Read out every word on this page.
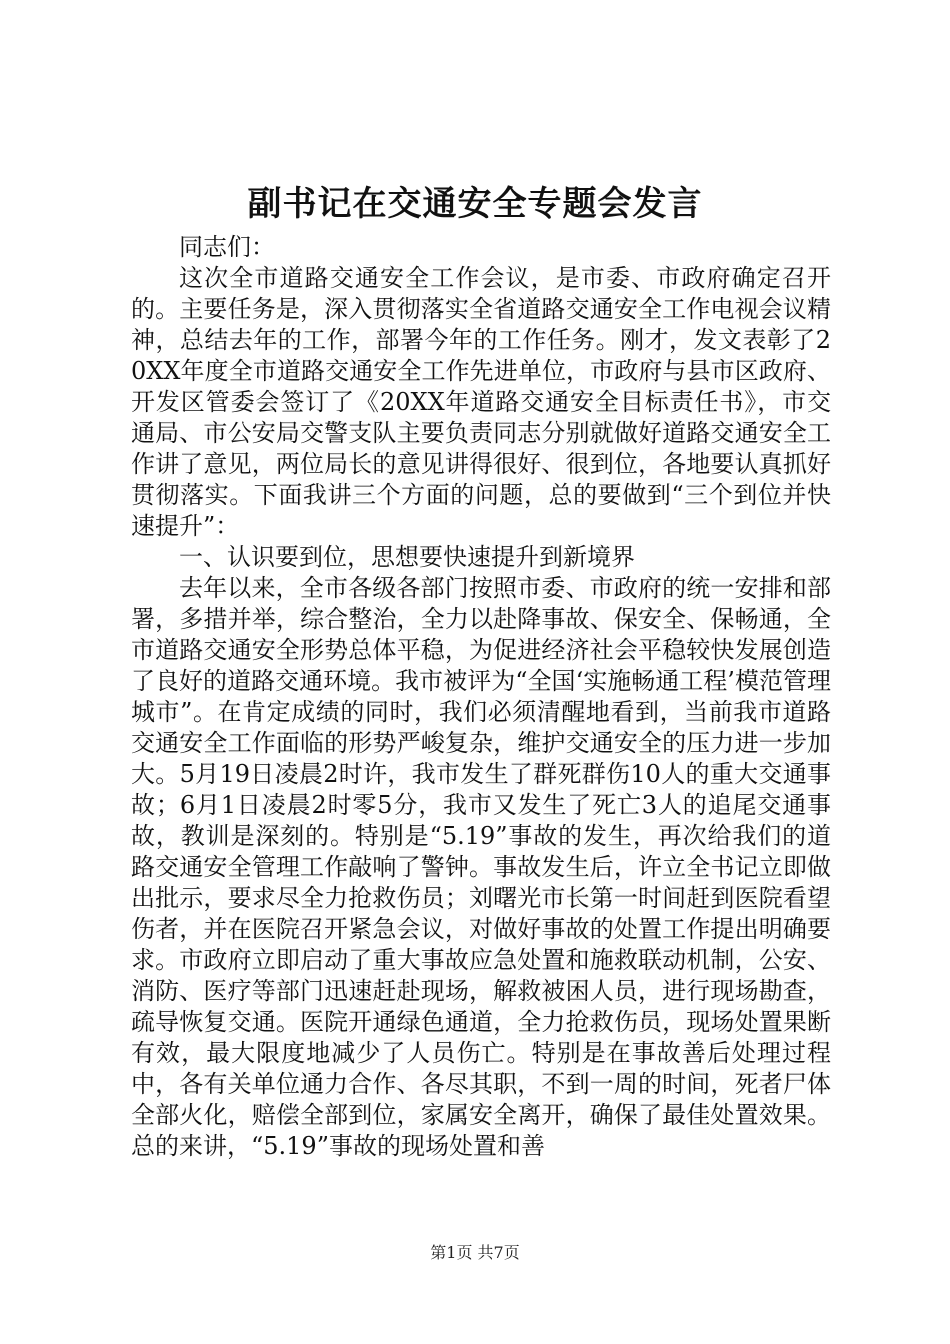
副书记在交通安全专题会发言

同志们：

这次全市道路交通安全工作会议，是市委、市政府确定召开的。主要任务是，深入贯彻落实全省道路交通安全工作电视会议精神，总结去年的工作，部署今年的工作任务。刚才，发文表彰了20XX年度全市道路交通安全工作先进单位，市政府与县市区政府、开发区管委会签订了《20XX年道路交通安全目标责任书》，市交通局、市公安局交警支队主要负责同志分别就做好道路交通安全工作讲了意见，两位局长的意见讲得很好、很到位，各地要认真抓好贯彻落实。下面我讲三个方面的问题，总的要做到“三个到位并快速提升”：

一、认识要到位，思想要快速提升到新境界

去年以来，全市各级各部门按照市委、市政府的统一安排和部署，多措并举，综合整治，全力以赴降事故、保安全、保畅通，全市道路交通安全形势总体平稳，为促进经济社会平稳较快发展创造了良好的道路交通环境。我市被评为“全国‘实施畅通工程’模范管理城市”。在肯定成绩的同时，我们必须清醒地看到，当前我市道路交通安全工作面临的形势严峻复杂，维护交通安全的压力进一步加大。5月19日凌晨2时许，我市发生了群死群伤10人的重大交通事故；6月1日凌晨2时零5分，我市又发生了死亡3人的追尾交通事故，教训是深刻的。特别是“5.19”事故的发生，再次给我们的道路交通安全管理工作敲响了警钟。事故发生后，许立全书记立即做出批示，要求尽全力抢救伤员；刘曙光市长第一时间赶到医院看望伤者，并在医院召开紧急会议，对做好事故的处置工作提出明确要求。市政府立即启动了重大事故应急处置和施救联动机制，公安、消防、医疗等部门迅速赶赴现场，解救被困人员，进行现场勘查，疏导恢复交通。医院开通绿色通道，全力抢救伤员，现场处置果断有效，最大限度地减少了人员伤亡。特别是在事故善后处理过程中，各有关单位通力合作、各尽其职，不到一周的时间，死者尸体全部火化，赔偿全部到位，家属安全离开，确保了最佳处置效果。总的来讲，“5.19”事故的现场处置和善

第1页 共7页
